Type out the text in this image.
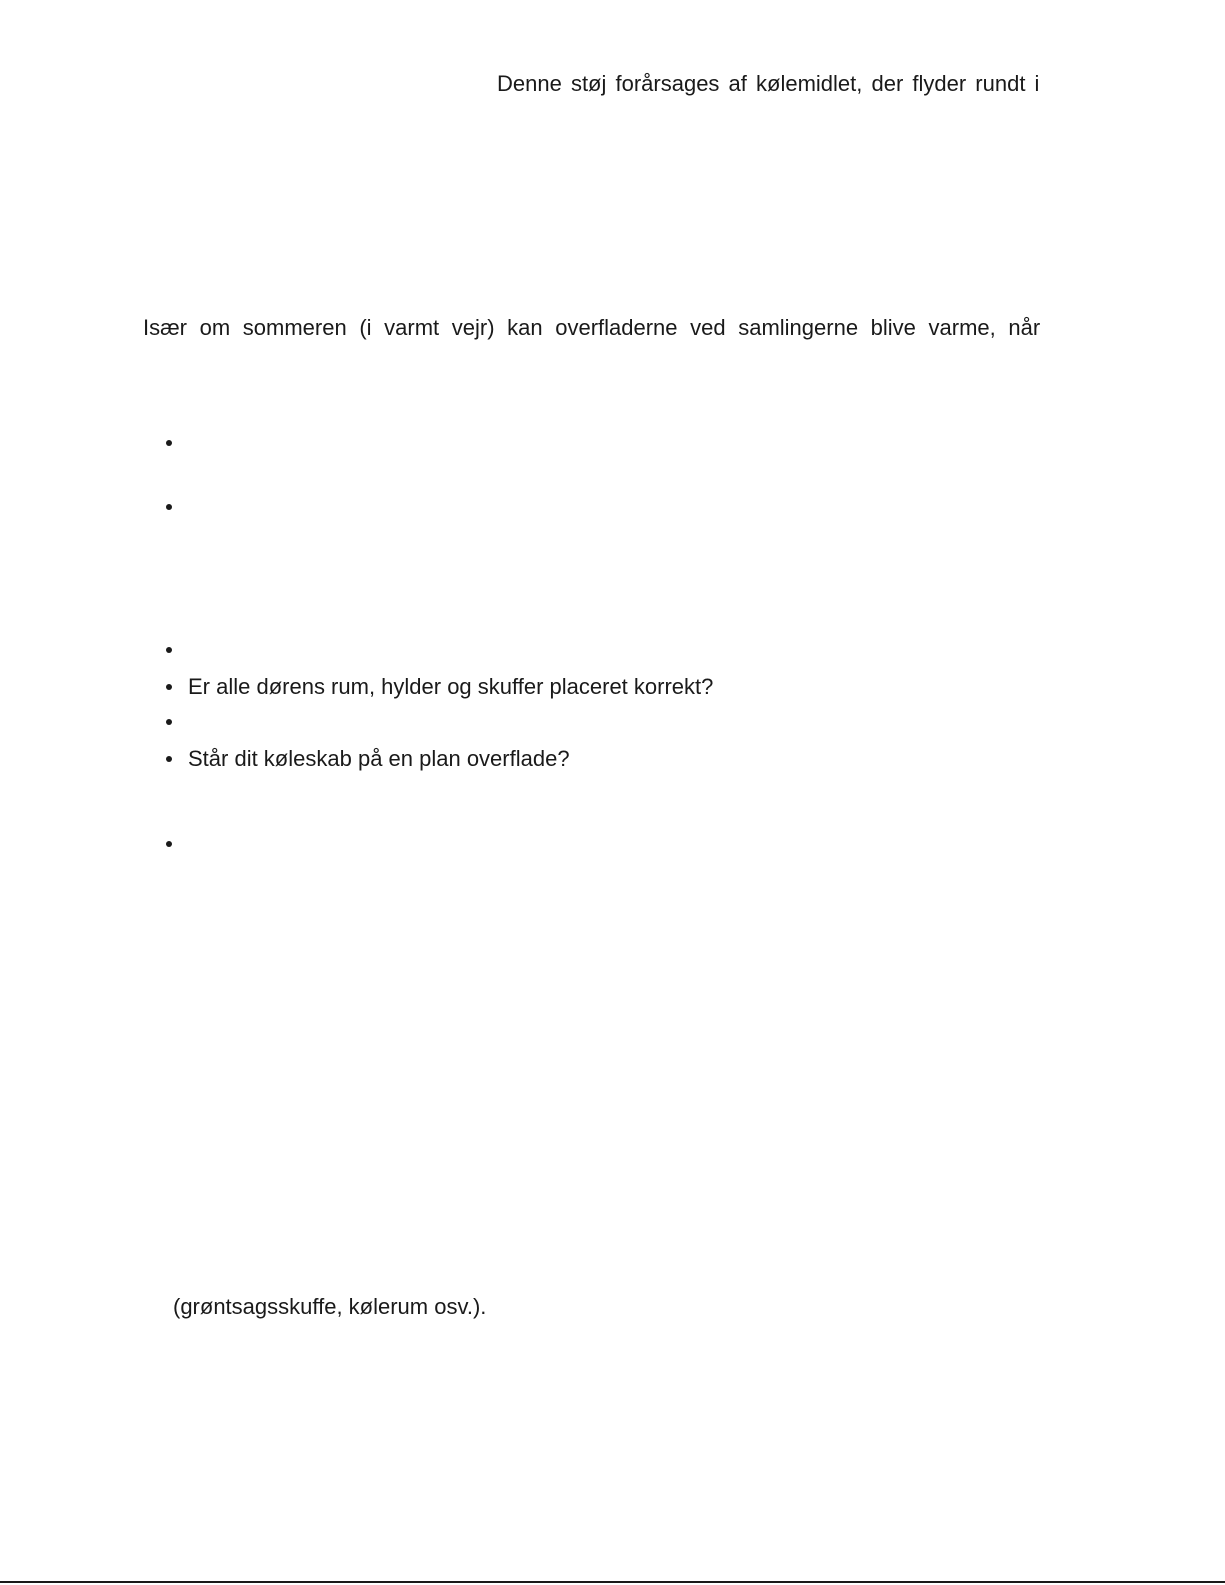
Denne støj forårsages af kølemidlet, der flyder rundt i
Især om sommeren (i varmt vejr) kan overfladerne ved samlingerne blive varme, når
Er alle dørens rum, hylder og skuffer placeret korrekt?
Står dit køleskab på en plan overflade?
(grøntsagsskuffe, kølerum osv.).
